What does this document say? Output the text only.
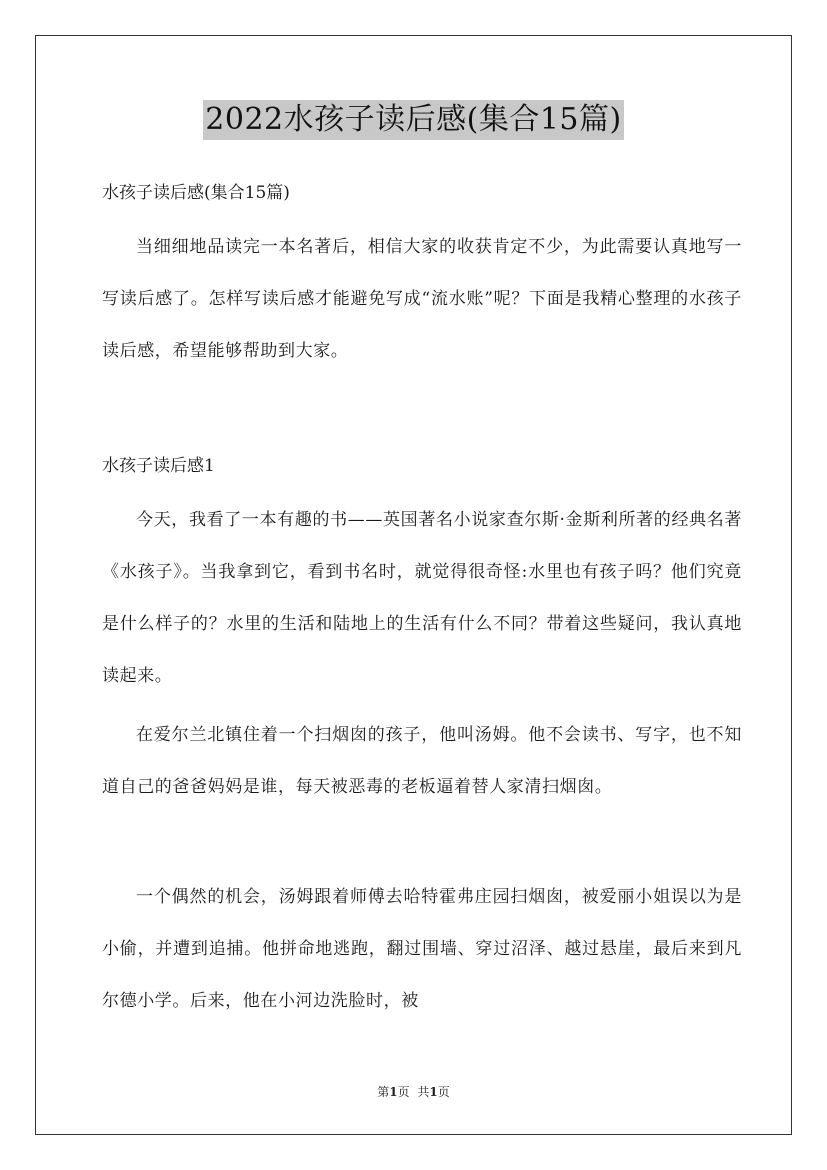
2022水孩子读后感(集合15篇)
水孩子读后感(集合15篇)

当细细地品读完一本名著后，相信大家的收获肯定不少，为此需要认真地写一写读后感了。怎样写读后感才能避免写成“流水账”呢？下面是我精心整理的水孩子读后感，希望能够帮助到大家。

水孩子读后感1

今天，我看了一本有趣的书——英国著名小说家查尔斯·金斯利所著的经典名著《水孩子》。当我拿到它，看到书名时，就觉得很奇怪:水里也有孩子吗？他们究竟是什么样子的？水里的生活和陆地上的生活有什么不同？带着这些疑问，我认真地读起来。

在爱尔兰北镇住着一个扫烟囱的孩子，他叫汤姆。他不会读书、写字，也不知道自己的爸爸妈妈是谁，每天被恶毒的老板逼着替人家清扫烟囱。

一个偶然的机会，汤姆跟着师傅去哈特霍弗庄园扫烟囱，被爱丽小姐误以为是小偷，并遭到追捕。他拼命地逃跑，翻过围墙、穿过沼泽、越过悬崖，最后来到凡尔德小学。后来，他在小河边洗脸时，被

第1页 共1页
